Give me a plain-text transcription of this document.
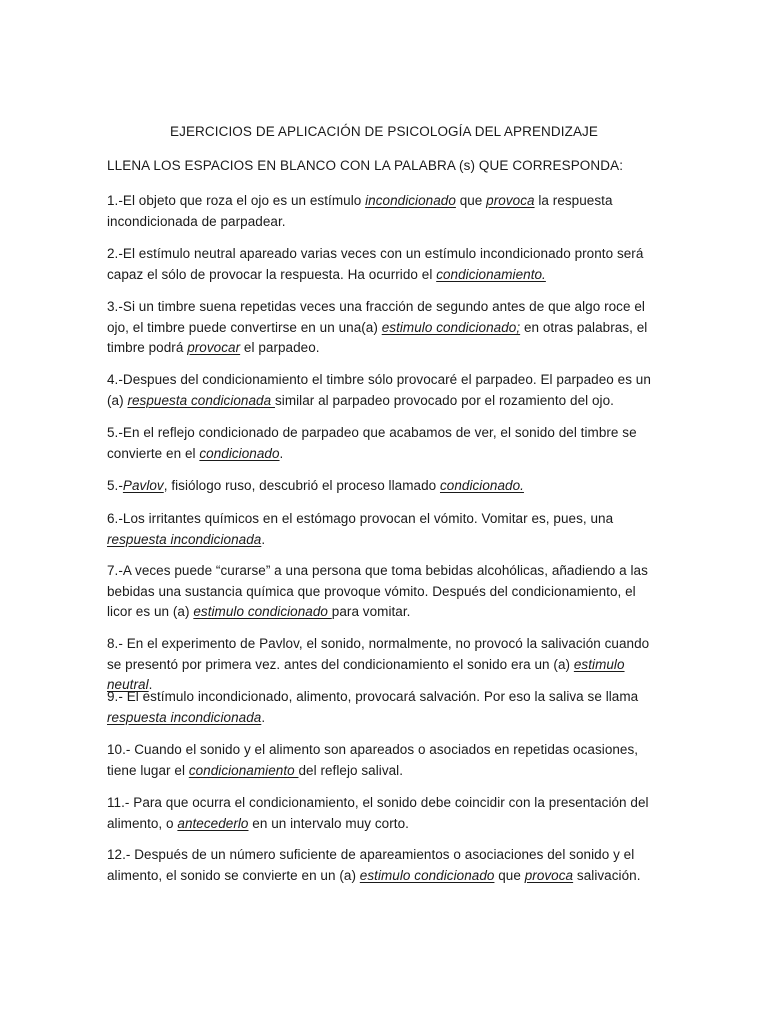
EJERCICIOS DE APLICACIÓN DE PSICOLOGÍA DEL APRENDIZAJE
LLENA LOS ESPACIOS EN BLANCO CON LA PALABRA (s) QUE CORRESPONDA:
1.-El objeto que roza el ojo es un estímulo incondicionado que provoca la respuesta incondicionada de parpadear.
2.-El estímulo neutral apareado varias veces con un estímulo incondicionado pronto será capaz el sólo de provocar la respuesta. Ha ocurrido el condicionamiento.
3.-Si un timbre suena repetidas veces una fracción de segundo antes de que algo roce el ojo, el timbre puede convertirse en un una(a) estimulo condicionado; en otras palabras, el timbre podrá provocar el parpadeo.
4.-Despues del condicionamiento el timbre sólo provocaré el parpadeo. El parpadeo es un (a) respuesta condicionada similar al parpadeo provocado por el rozamiento del ojo.
5.-En el reflejo condicionado de parpadeo que acabamos de ver, el sonido del timbre se convierte en el condicionado.
5.-Pavlov, fisiólogo ruso, descubrió el proceso llamado condicionado.
6.-Los irritantes químicos en el estómago provocan el vómito. Vomitar es, pues, una respuesta incondicionada.
7.-A veces puede “curarse” a una persona que toma bebidas alcohólicas, añadiendo a las bebidas una sustancia química que provoque vómito. Después del condicionamiento, el licor es un (a) estimulo condicionado para vomitar.
8.- En el experimento de Pavlov, el sonido, normalmente, no provocó la salivación cuando se presentó por primera vez. antes del condicionamiento el sonido era un (a) estimulo neutral.
9.- El estímulo incondicionado, alimento, provocará salvación. Por eso la saliva se llama respuesta incondicionada.
10.- Cuando el sonido y el alimento son apareados o asociados en repetidas ocasiones, tiene lugar el condicionamiento del reflejo salival.
11.- Para que ocurra el condicionamiento, el sonido debe coincidir con la presentación del alimento, o antecederlo en un intervalo muy corto.
12.- Después de un número suficiente de apareamientos o asociaciones del sonido y el alimento, el sonido se convierte en un (a) estimulo condicionado que provoca salivación.
